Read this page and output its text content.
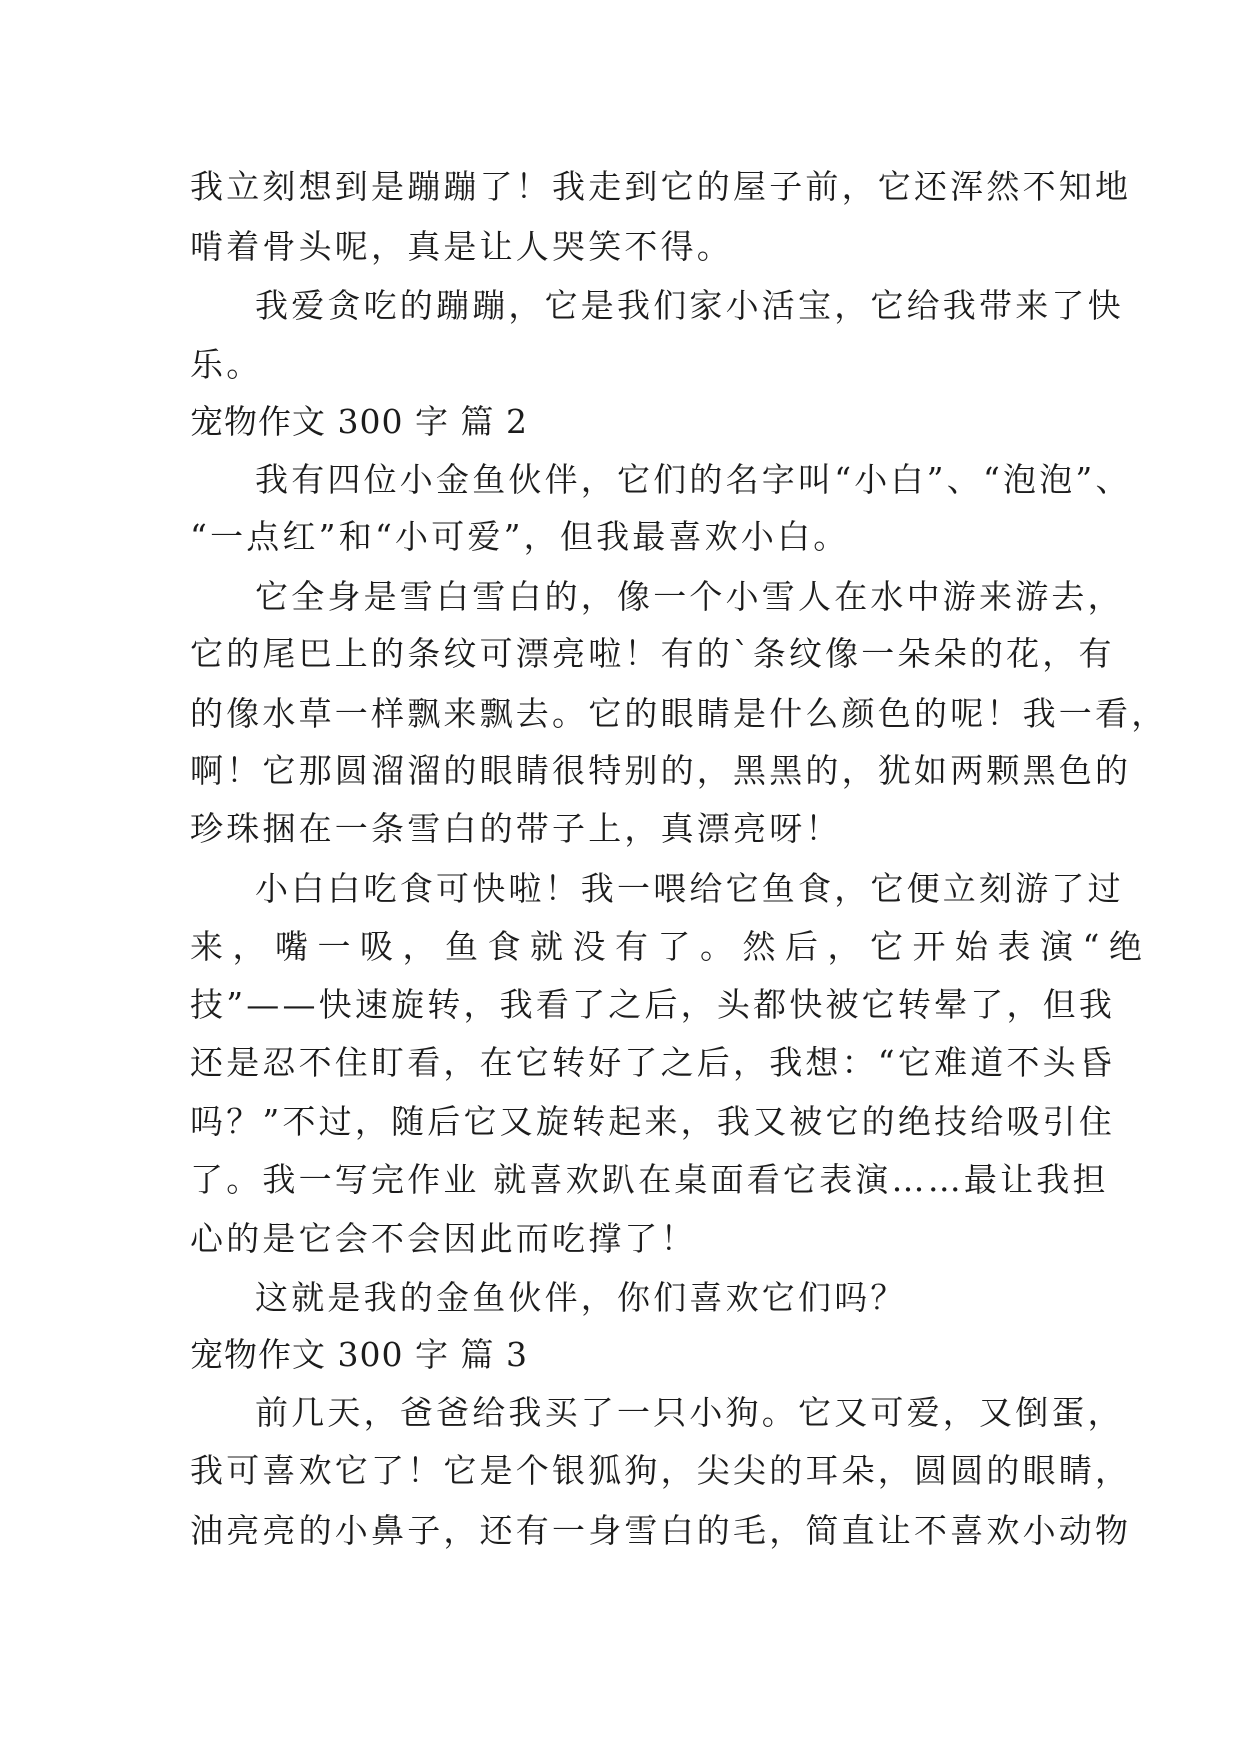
我立刻想到是蹦蹦了！我走到它的屋子前，它还浑然不知地
啃着骨头呢，真是让人哭笑不得。
我爱贪吃的蹦蹦，它是我们家小活宝，它给我带来了快
乐。
宠物作文 300 字 篇 2
我有四位小金鱼伙伴，它们的名字叫“小白”、“泡泡”、
“一点红”和“小可爱”，但我最喜欢小白。
它全身是雪白雪白的，像一个小雪人在水中游来游去，
它的尾巴上的条纹可漂亮啦！有的`条纹像一朵朵的花，有
的像水草一样飘来飘去。它的眼睛是什么颜色的呢！我一看，
啊！它那圆溜溜的眼睛很特别的，黑黑的，犹如两颗黑色的
珍珠捆在一条雪白的带子上，真漂亮呀！
小白白吃食可快啦！我一喂给它鱼食，它便立刻游了过
来，嘴一吸，鱼食就没有了。然后，它开始表演“绝
技”——快速旋转，我看了之后，头都快被它转晕了，但我
还是忍不住盯看，在它转好了之后，我想：“它难道不头昏
吗？”不过，随后它又旋转起来，我又被它的绝技给吸引住
了。我一写完作业 就喜欢趴在桌面看它表演……最让我担
心的是它会不会因此而吃撑了！
这就是我的金鱼伙伴，你们喜欢它们吗？
宠物作文 300 字 篇 3
前几天，爸爸给我买了一只小狗。它又可爱，又倒蛋，
我可喜欢它了！它是个银狐狗，尖尖的耳朵，圆圆的眼睛，
油亮亮的小鼻子，还有一身雪白的毛，简直让不喜欢小动物
